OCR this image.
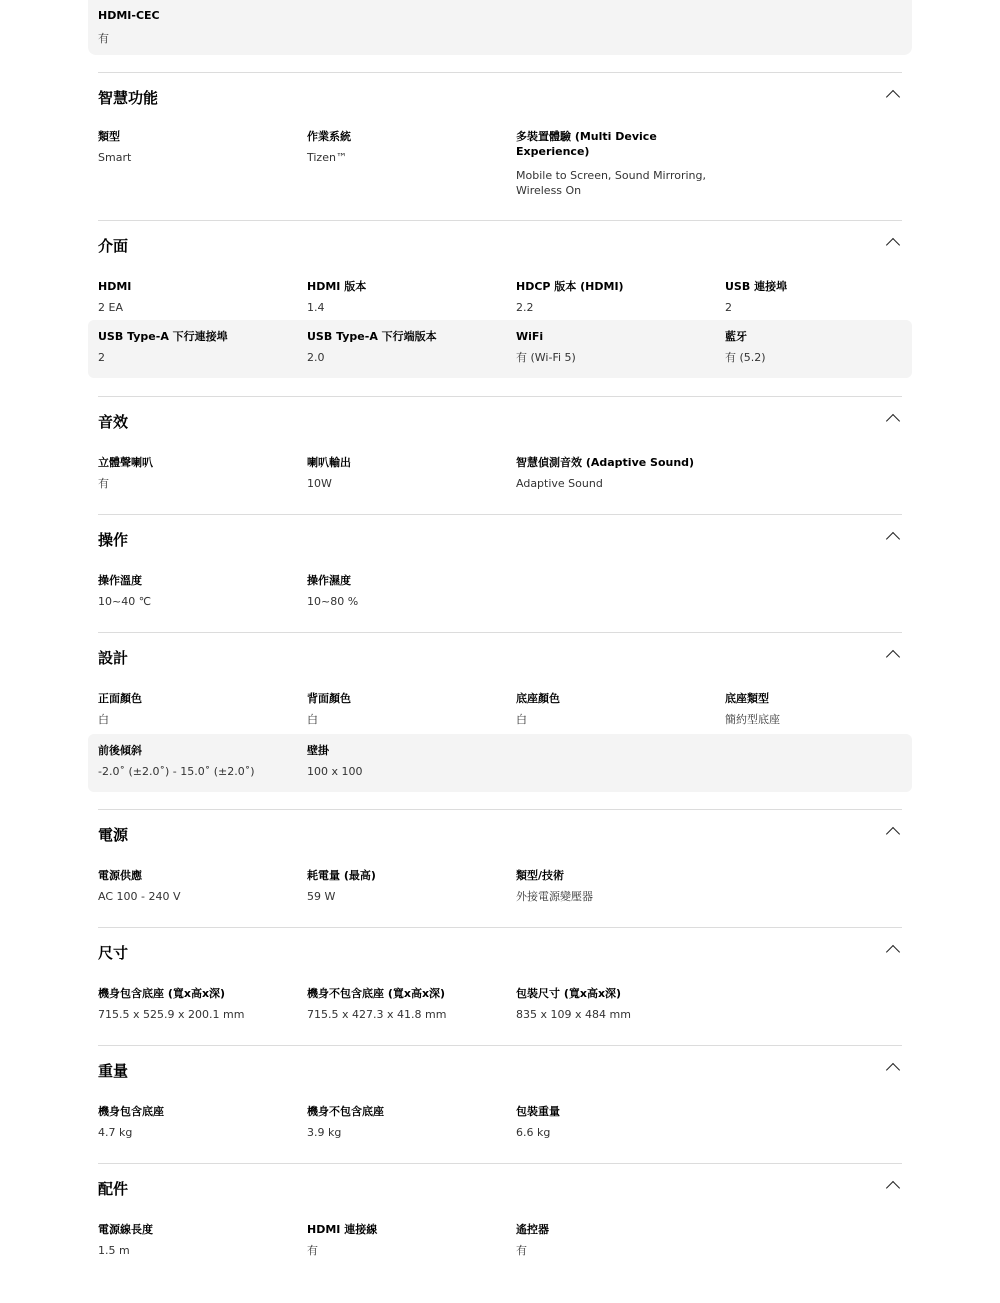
HDMI-CEC
有
智慧功能
類型
Smart
作業系統
Tizen™
多裝置體驗 (Multi Device Experience)
Mobile to Screen, Sound Mirroring, Wireless On
介面
HDMI
2 EA
HDMI 版本
1.4
HDCP 版本 (HDMI)
2.2
USB 連接埠
2
USB Type-A 下行連接埠
2
USB Type-A 下行端版本
2.0
WiFi
有 (Wi-Fi 5)
藍牙
有 (5.2)
音效
立體聲喇叭
有
喇叭輸出
10W
智慧偵測音效 (Adaptive Sound)
Adaptive Sound
操作
操作溫度
10~40 ℃
操作濕度
10~80 %
設計
正面顏色
白
背面顏色
白
底座顏色
白
底座類型
簡約型底座
前後傾斜
-2.0˚ (±2.0˚) - 15.0˚ (±2.0˚)
壁掛
100 x 100
電源
電源供應
AC 100 - 240 V
耗電量 (最高)
59 W
類型/技術
外接電源變壓器
尺寸
機身包含底座 (寬x高x深)
715.5 x 525.9 x 200.1 mm
機身不包含底座 (寬x高x深)
715.5 x 427.3 x 41.8 mm
包裝尺寸 (寬x高x深)
835 x 109 x 484 mm
重量
機身包含底座
4.7 kg
機身不包含底座
3.9 kg
包裝重量
6.6 kg
配件
電源線長度
1.5 m
HDMI 連接線
有
遙控器
有
